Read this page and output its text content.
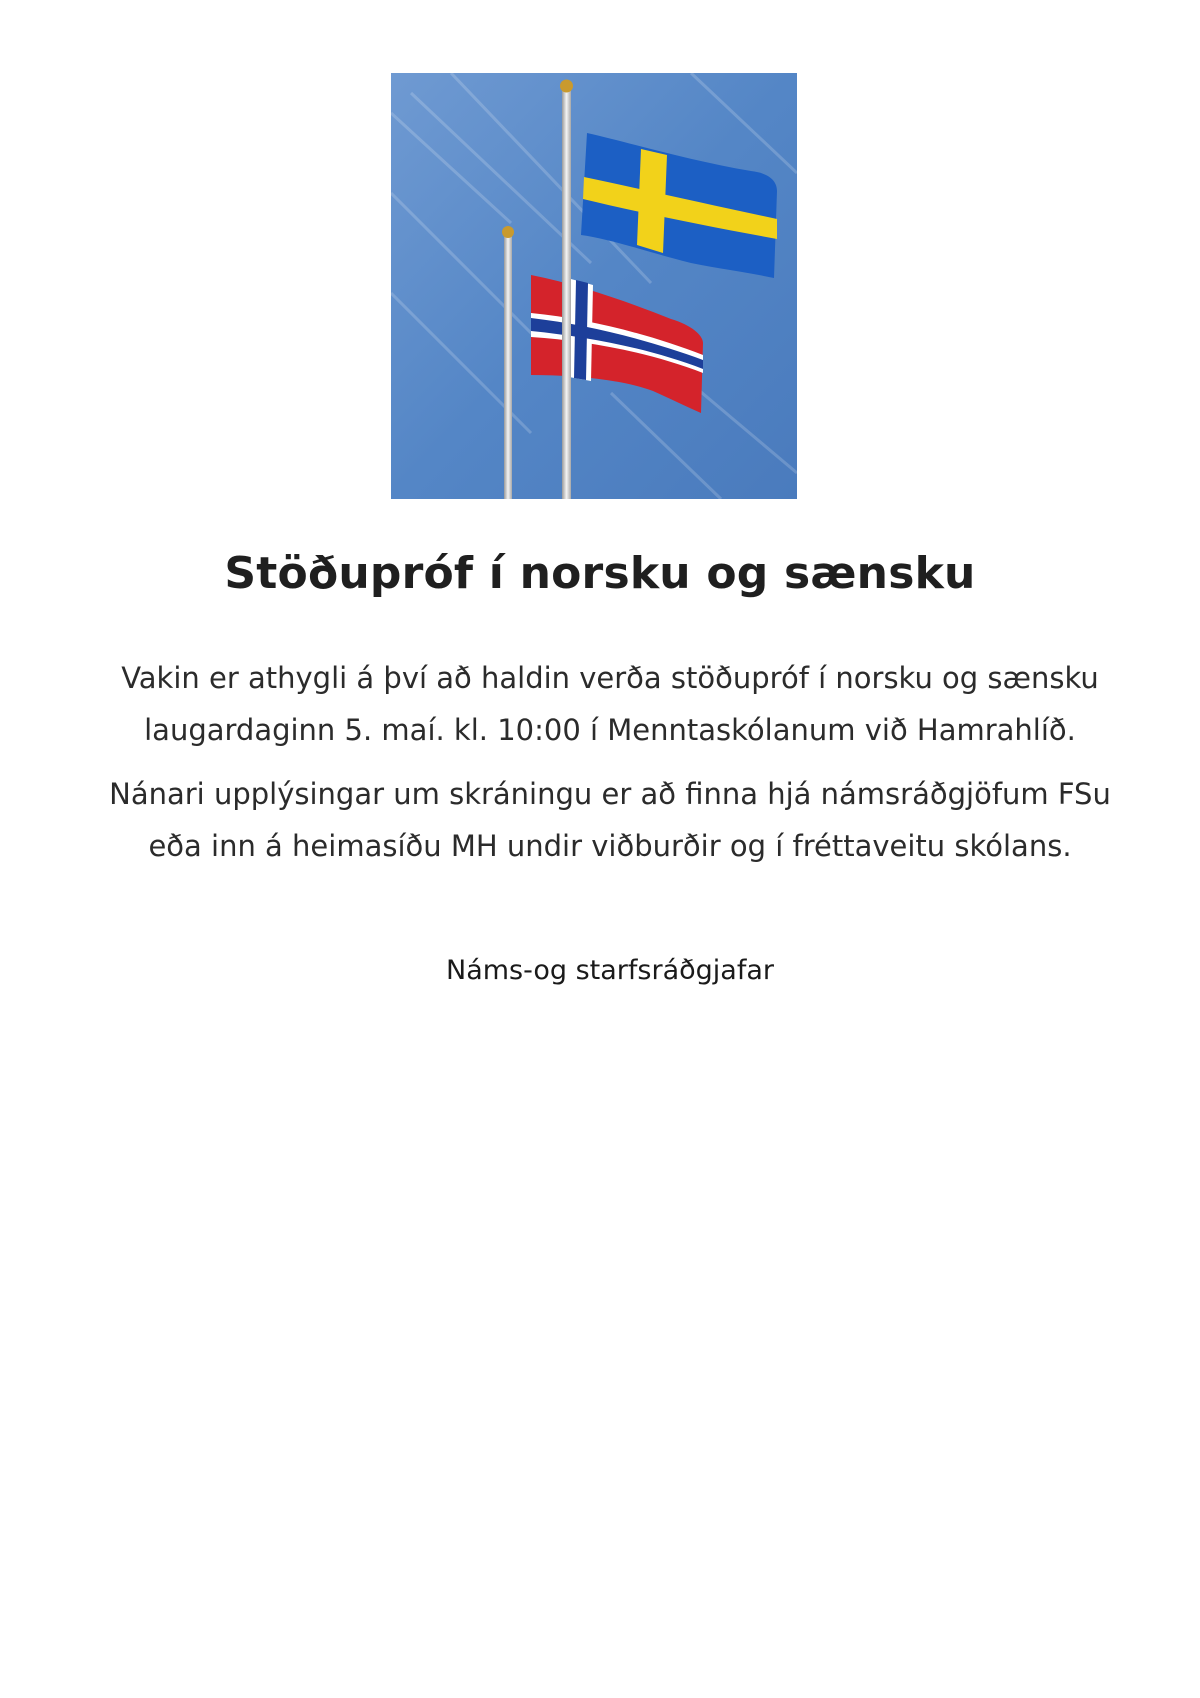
Stöðupróf í norsku og sænsku

Vakin er athygli á því að haldin verða stöðupróf í norsku og sænsku
laugardaginn 5. maí. kl. 10:00 í Menntaskólanum við Hamrahlíð.

Nánari upplýsingar um skráningu er að finna hjá námsráðgjöfum FSu
eða inn á heimasíðu MH undir viðburðir og í fréttaveitu skólans.

Náms-og starfsráðgjafar
